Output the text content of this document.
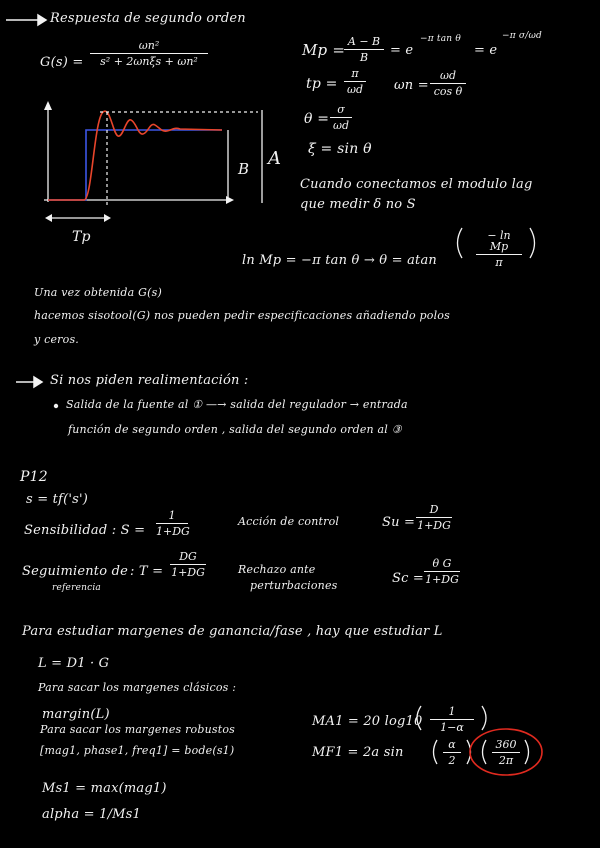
Respuesta de segundo orden
G(s) =
ωn²
s² + 2ωnξs + ωn²
Mp =
$\frac{A - B}{B} = e$
−π tan θ
= e
−π σ/ωd
tp = $\frac{\pi}{\omega d}$ $\omega n = \frac{\omega d}{\text{cos θ}}$
$\theta = \frac{\sigma}{\omega d}$
ξ = sin θ
B A
Tp
Cuando conectamos el modulo lag
que medir δ no S
ln Mp = −π tan θ → θ = atan	$\frac{\text{− ln Mp}}{\pi}$
Una vez obtenida G(s)
hacemos sisotool(G) nos pueden pedir especificaciones añadiendo polos
y ceros.
Si nos piden realimentación :
Salida de la fuente al ① —→ salida del regulador → entrada
función de segundo orden , salida del segundo orden al ③
P12
s = tf('s')
Sensibilidad : $S = \frac{1}{1+DG}$	Acción de control	$Su = \frac{D}{1+DG}$
Seguimiento de
referencia
: $T = \frac{DG}{1+DG}$	Rechazo ante
perturbaciones	$Sc = \frac{\text{θ G}}{1+DG}$
Para estudiar margenes de ganancia/fase , hay que estudiar L
L = D1 · G
Para sacar los margenes clásicos :
margin(L)
Para sacar los margenes robustos
[mag1, phase1, freq1] = bode(s1)
Ms1 = max(mag1)
alpha = 1/Ms1
MA1 = 20 $\log 10 \frac{1}{1-\alpha}$
MF1 = 2a sin	$\frac{\alpha}{2}$	$\frac{360}{2\pi}$
